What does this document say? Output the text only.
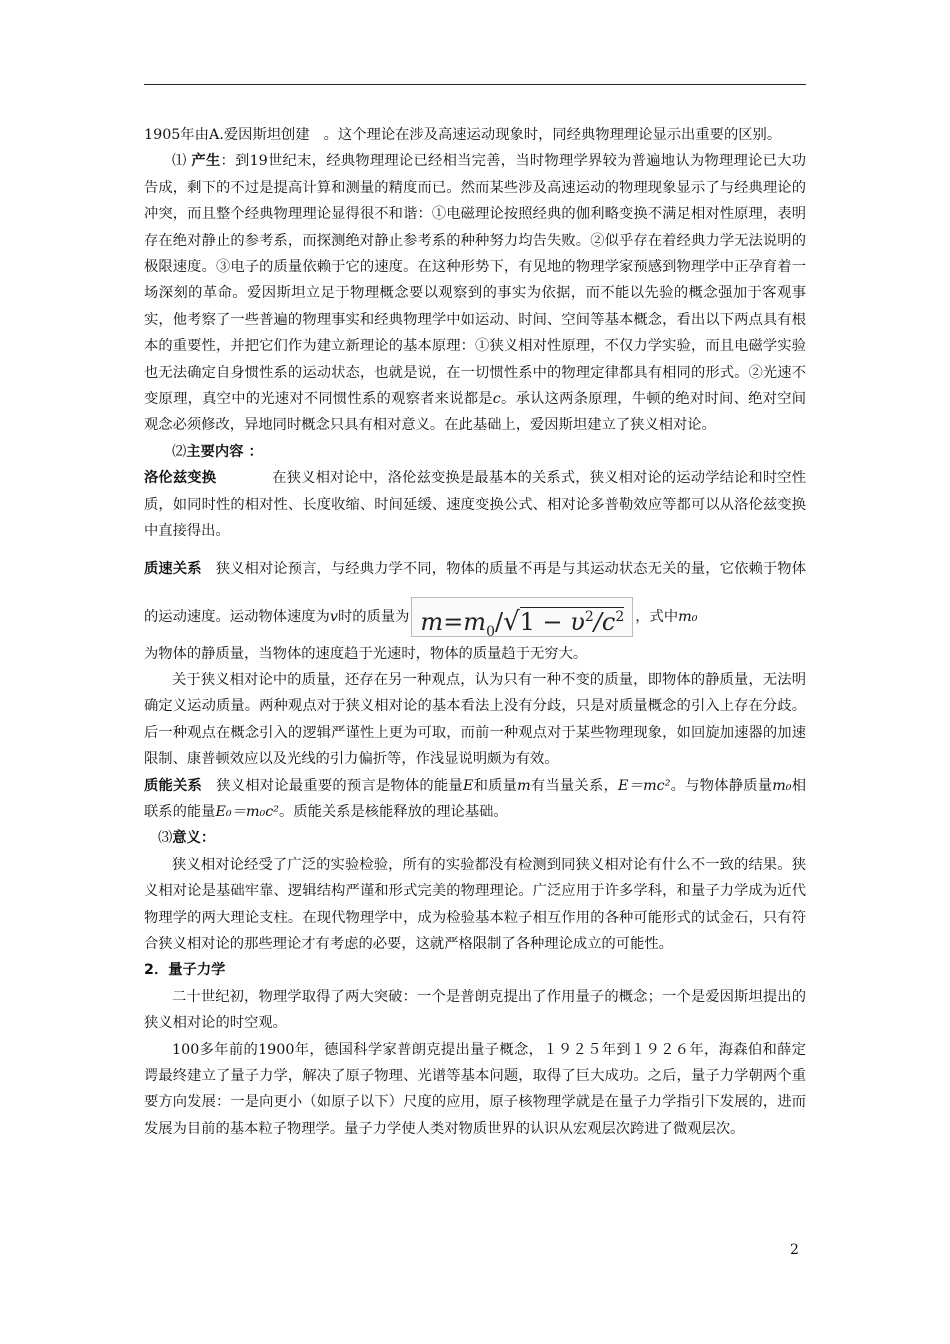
1905年由A.爱因斯坦创建 。这个理论在涉及高速运动现象时，同经典物理理论显示出重要的区别。

⑴ 产生：到19世纪末，经典物理理论已经相当完善，当时物理学界较为普遍地认为物理理论已大功告成，剩下的不过是提高计算和测量的精度而已。然而某些涉及高速运动的物理现象显示了与经典理论的冲突，而且整个经典物理理论显得很不和谐：①电磁理论按照经典的伽利略变换不满足相对性原理，表明存在绝对静止的参考系，而探测绝对静止参考系的种种努力均告失败。②似乎存在着经典力学无法说明的极限速度。③电子的质量依赖于它的速度。在这种形势下，有见地的物理学家预感到物理学中正孕育着一场深刻的革命。爱因斯坦立足于物理概念要以观察到的事实为依据，而不能以先验的概念强加于客观事实，他考察了一些普遍的物理事实和经典物理学中如运动、时间、空间等基本概念，看出以下两点具有根本的重要性，并把它们作为建立新理论的基本原理：①狭义相对性原理，不仅力学实验，而且电磁学实验也无法确定自身惯性系的运动状态，也就是说，在一切惯性系中的物理定律都具有相同的形式。②光速不变原理，真空中的光速对不同惯性系的观察者来说都是c。承认这两条原理，牛顿的绝对时间、绝对空间观念必须修改，异地同时概念只具有相对意义。在此基础上，爱因斯坦建立了狭义相对论。

⑵主要内容 ：

洛伦兹变换	在狭义相对论中，洛伦兹变换是最基本的关系式，狭义相对论的运动学结论和时空性质，如同时性的相对性、长度收缩、时间延缓、速度变换公式、相对论多普勒效应等都可以从洛伦兹变换中直接得出。

质速关系 狭义相对论预言，与经典力学不同，物体的质量不再是与其运动状态无关的量，它依赖于物体的运动速度。运动物体速度为v时的质量为 $m=m_0/√1 - \upsilon^2/c^2$ ，式中m₀

为物体的静质量，当物体的速度趋于光速时，物体的质量趋于无穷大。

关于狭义相对论中的质量，还存在另一种观点，认为只有一种不变的质量，即物体的静质量，无法明确定义运动质量。两种观点对于狭义相对论的基本看法上没有分歧，只是对质量概念的引入上存在分歧。后一种观点在概念引入的逻辑严谨性上更为可取，而前一种观点对于某些物理现象，如回旋加速器的加速限制、康普顿效应以及光线的引力偏折等，作浅显说明颇为有效。

质能关系 狭义相对论最重要的预言是物体的能量E和质量m有当量关系，E＝mc²。与物体静质量m₀相联系的能量E₀＝m₀c²。质能关系是核能释放的理论基础。

⑶意义：

狭义相对论经受了广泛的实验检验，所有的实验都没有检测到同狭义相对论有什么不一致的结果。狭义相对论是基础牢靠、逻辑结构严谨和形式完美的物理理论。广泛应用于许多学科，和量子力学成为近代物理学的两大理论支柱。在现代物理学中，成为检验基本粒子相互作用的各种可能形式的试金石，只有符合狭义相对论的那些理论才有考虑的必要，这就严格限制了各种理论成立的可能性。

2．量子力学

二十世纪初，物理学取得了两大突破：一个是普朗克提出了作用量子的概念；一个是爱因斯坦提出的狭义相对论的时空观。

100多年前的1900年，德国科学家普朗克提出量子概念，１９２５年到１９２６年，海森伯和薛定谔最终建立了量子力学，解决了原子物理、光谱等基本问题，取得了巨大成功。之后，量子力学朝两个重要方向发展：一是向更小（如原子以下）尺度的应用，原子核物理学就是在量子力学指引下发展的，进而发展为目前的基本粒子物理学。量子力学使人类对物质世界的认识从宏观层次跨进了微观层次。

2
